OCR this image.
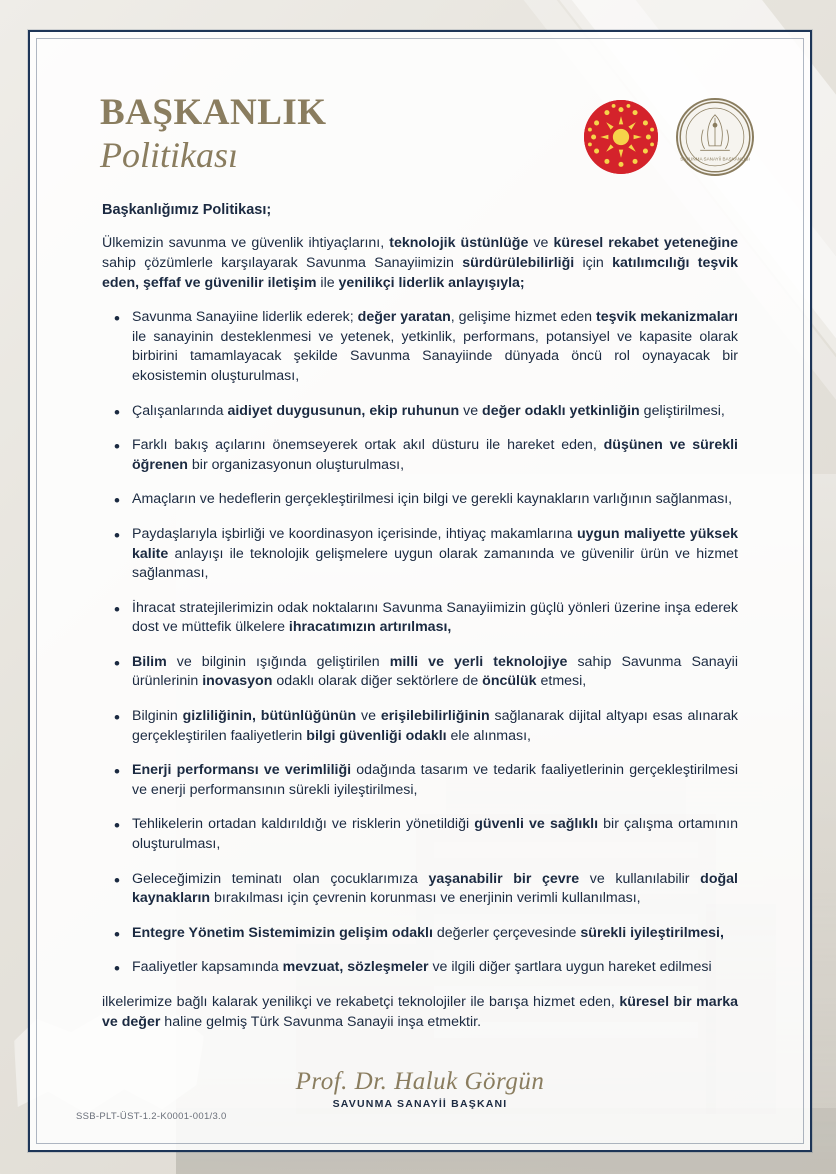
BAŞKANLIK
Politikası	SAVUNMA SANAYİİ BAŞKANLIĞI
Başkanlığımız Politikası;

Ülkemizin savunma ve güvenlik ihtiyaçlarını, teknolojik üstünlüğe ve küresel rekabet yeteneğine sahip çözümlerle karşılayarak Savunma Sanayiimizin sürdürülebilirliği için katılımcılığı teşvik eden, şeffaf ve güvenilir iletişim ile yenilikçi liderlik anlayışıyla;

• Savunma Sanayiine liderlik ederek; değer yaratan, gelişime hizmet eden teşvik mekanizmaları ile sanayinin desteklenmesi ve yetenek, yetkinlik, performans, potansiyel ve kapasite olarak birbirini tamamlayacak şekilde Savunma Sanayiinde dünyada öncü rol oynayacak bir ekosistemin oluşturulması,
• Çalışanlarında aidiyet duygusunun, ekip ruhunun ve değer odaklı yetkinliğin geliştirilmesi,
• Farklı bakış açılarını önemseyerek ortak akıl düsturu ile hareket eden, düşünen ve sürekli öğrenen bir organizasyonun oluşturulması,
• Amaçların ve hedeflerin gerçekleştirilmesi için bilgi ve gerekli kaynakların varlığının sağlanması,
• Paydaşlarıyla işbirliği ve koordinasyon içerisinde, ihtiyaç makamlarına uygun maliyette yüksek kalite anlayışı ile teknolojik gelişmelere uygun olarak zamanında ve güvenilir ürün ve hizmet sağlanması,
• İhracat stratejilerimizin odak noktalarını Savunma Sanayiimizin güçlü yönleri üzerine inşa ederek dost ve müttefik ülkelere ihracatımızın artırılması,
• Bilim ve bilginin ışığında geliştirilen milli ve yerli teknolojiye sahip Savunma Sanayii ürünlerinin inovasyon odaklı olarak diğer sektörlere de öncülük etmesi,
• Bilginin gizliliğinin, bütünlüğünün ve erişilebilirliğinin sağlanarak dijital altyapı esas alınarak gerçekleştirilen faaliyetlerin bilgi güvenliği odaklı ele alınması,
• Enerji performansı ve verimliliği odağında tasarım ve tedarik faaliyetlerinin gerçekleştirilmesi ve enerji performansının sürekli iyileştirilmesi,
• Tehlikelerin ortadan kaldırıldığı ve risklerin yönetildiği güvenli ve sağlıklı bir çalışma ortamının oluşturulması,
• Geleceğimizin teminatı olan çocuklarımıza yaşanabilir bir çevre ve kullanılabilir doğal kaynakların bırakılması için çevrenin korunması ve enerjinin verimli kullanılması,
• Entegre Yönetim Sistemimizin gelişim odaklı değerler çerçevesinde sürekli iyileştirilmesi,
• Faaliyetler kapsamında mevzuat, sözleşmeler ve ilgili diğer şartlara uygun hareket edilmesi

ilkelerimize bağlı kalarak yenilikçi ve rekabetçi teknolojiler ile barışa hizmet eden, küresel bir marka ve değer haline gelmiş Türk Savunma Sanayii inşa etmektir.

Prof. Dr. Haluk Görgün
SAVUNMA SANAYİİ BAŞKANI
SSB-PLT-ÜST-1.2-K0001-001/3.0
